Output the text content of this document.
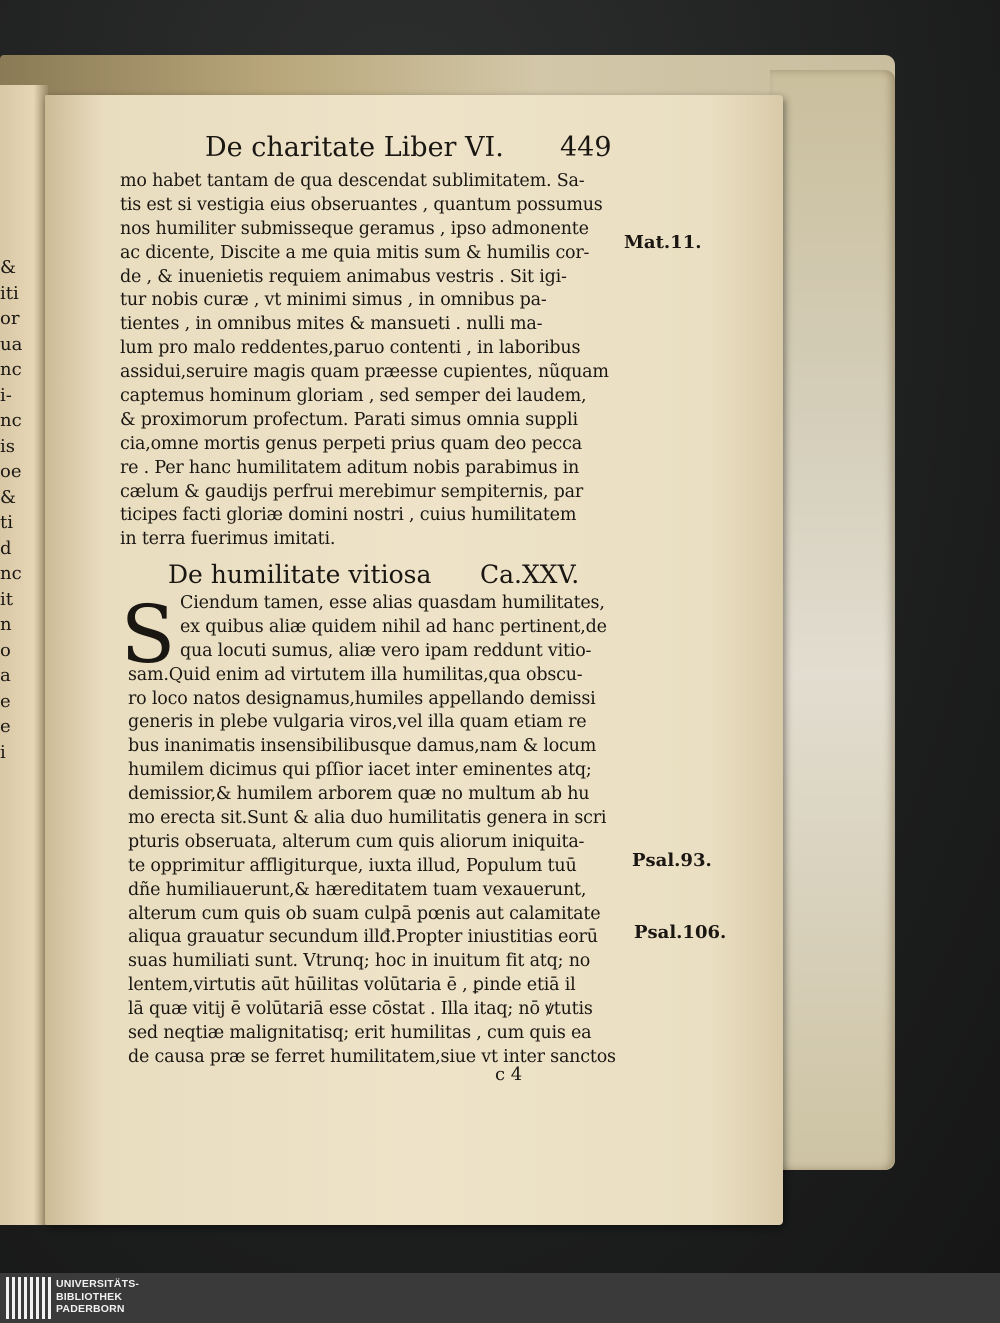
&
iti
or
ua
nc
i-
nc
is
oe
&
ti
d
nc
it
n
o
a
e
e
i
De charitate Liber VI. 449
mo habet tantam de qua descendat sublimitatem. Sa-
tis est si vestigia eius obseruantes , quantum possumus
nos humiliter submisseque geramus , ipso admonente
ac dicente, Discite a me quia mitis sum & humilis cor-
de , & inuenietis requiem animabus vestris . Sit igi-
tur nobis curæ , vt minimi simus , in omnibus pa-
tientes , in omnibus mites & mansueti . nulli ma-
lum pro malo reddentes,paruo contenti , in laboribus
assidui,seruire magis quam præesse cupientes, nũquam
captemus hominum gloriam , sed semper dei laudem,
& proximorum profectum. Parati simus omnia suppli
cia,omne mortis genus perpeti prius quam deo pecca
re . Per hanc humilitatem aditum nobis parabimus in
cælum & gaudijs perfrui merebimur sempiternis, par
ticipes facti gloriæ domini nostri , cuius humilitatem
in terra fuerimus imitati.
De humilitate vitiosa Ca.XXV.
S Ciendum tamen, esse alias quasdam humilitates,
ex quibus aliæ quidem nihil ad hanc pertinent,de
qua locuti sumus, aliæ vero ipam reddunt vitio-
sam.Quid enim ad virtutem illa humilitas,qua obscu-
ro loco natos designamus,humiles appellando demissi
generis in plebe vulgaria viros,vel illa quam etiam re
bus inanimatis insensibilibusque damus,nam & locum
humilem dicimus qui pſſior iacet inter eminentes atq;
demissior,& humilem arborem quæ no multum ab hu
mo erecta sit.Sunt & alia duo humilitatis genera in scri
pturis obseruata, alterum cum quis aliorum iniquita-
te opprimitur affligiturque, iuxta illud, Populum tuū
dñe humiliauerunt,& hæreditatem tuam vexauerunt,
alterum cum quis ob suam culpā pœnis aut calamitate
aliqua grauatur secundum illđ.Propter iniustitias eorū
suas humiliati sunt. Vtrunq; hoc in inuitum fit atq; no
lentem,virtutis aūt hūilitas volūtaria ē , ꝑinde etiā il
lā quæ vitij ē volūtariā esse cōstat . Illa itaq; nō ꝟtutis
sed neqtiæ malignitatisq; erit humilitas , cum quis ea
de causa præ se ferret humilitatem,siue vt inter sanctos
Mat.11.
Psal.93.
Psal.106.
c 4
UNIVERSITÄTS-
BIBLIOTHEK
PADERBORN
